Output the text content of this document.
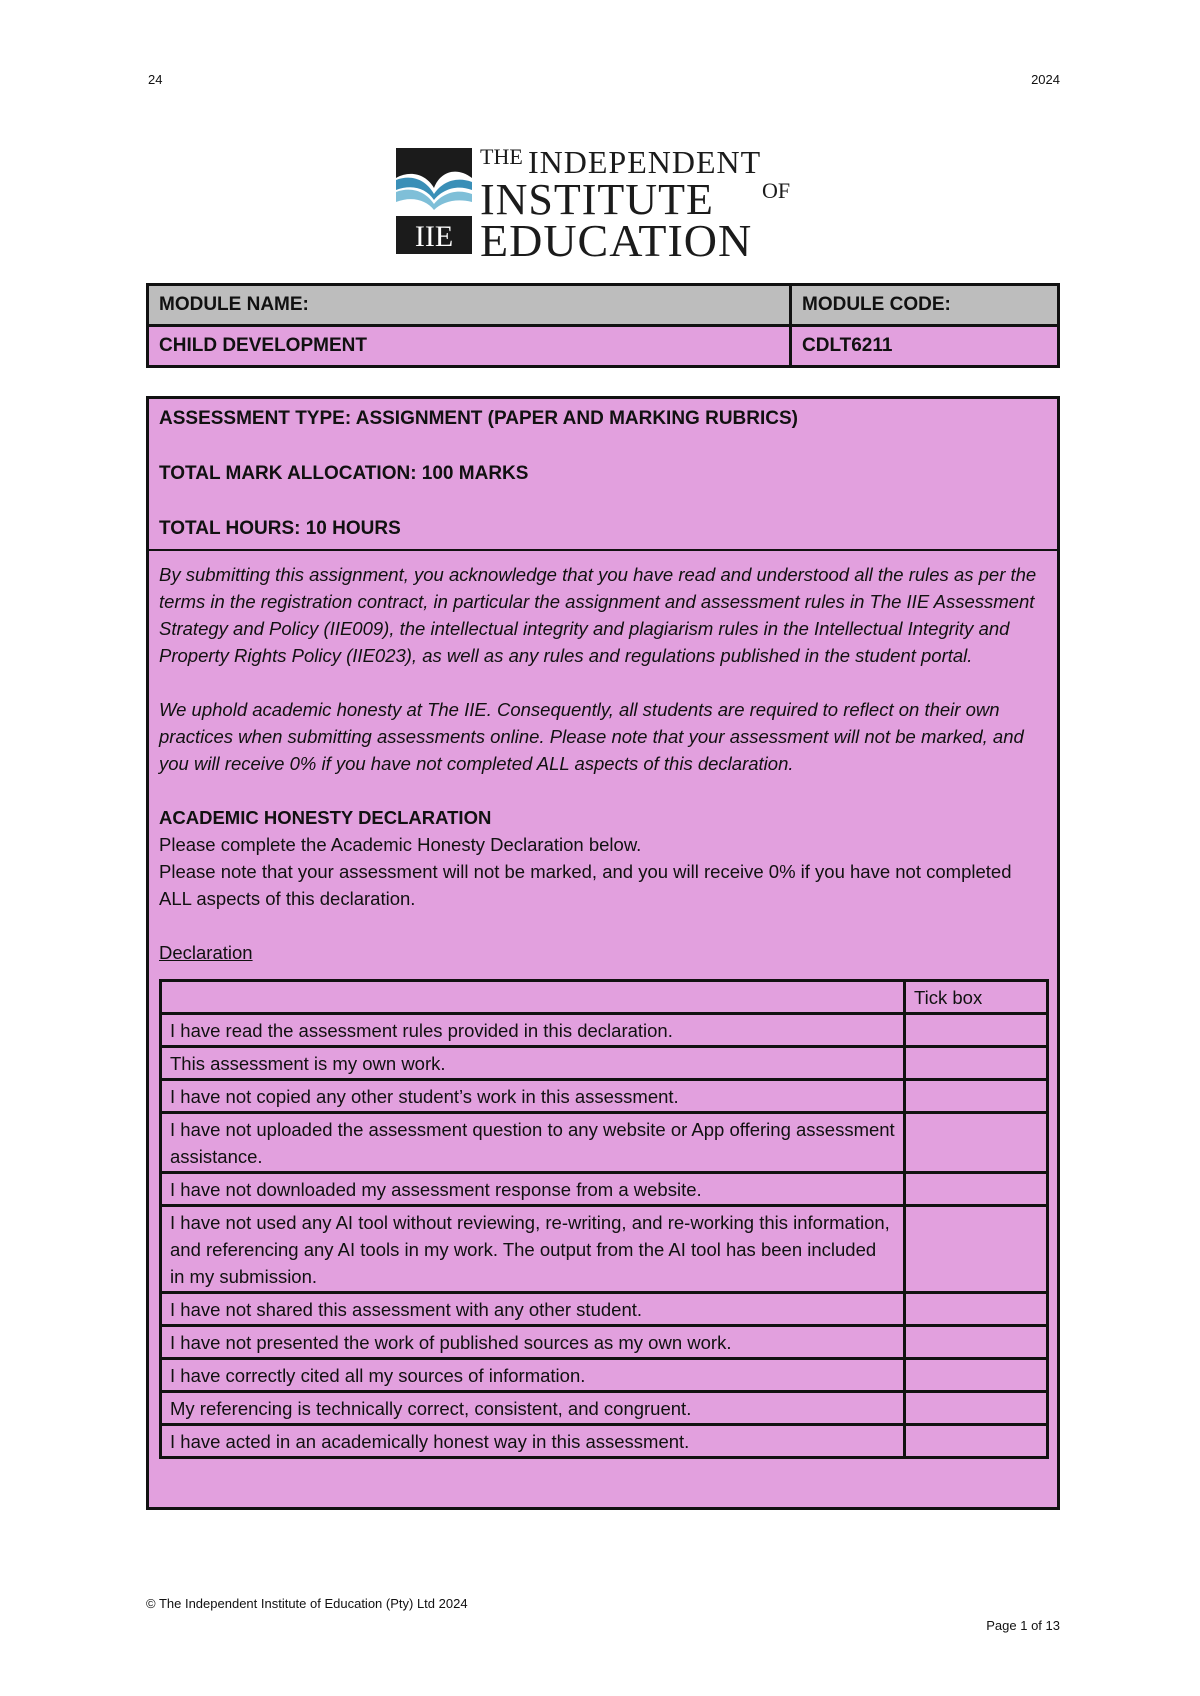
24	2024
IIE
THE INDEPENDENT
INSTITUTE OF
EDUCATION
MODULE NAME:	MODULE CODE:
CHILD DEVELOPMENT	CDLT6211

ASSESSMENT TYPE: ASSIGNMENT (PAPER AND MARKING RUBRICS)

TOTAL MARK ALLOCATION: 100 MARKS

TOTAL HOURS: 10 HOURS

By submitting this assignment, you acknowledge that you have read and understood all the rules as per the terms in the registration contract, in particular the assignment and assessment rules in The IIE Assessment Strategy and Policy (IIE009), the intellectual integrity and plagiarism rules in the Intellectual Integrity and Property Rights Policy (IIE023), as well as any rules and regulations published in the student portal.

We uphold academic honesty at The IIE. Consequently, all students are required to reflect on their own practices when submitting assessments online. Please note that your assessment will not be marked, and you will receive 0% if you have not completed ALL aspects of this declaration.

ACADEMIC HONESTY DECLARATION

Please complete the Academic Honesty Declaration below.

Please note that your assessment will not be marked, and you will receive 0% if you have not completed ALL aspects of this declaration.

Declaration

	Tick box
I have read the assessment rules provided in this declaration.	
This assessment is my own work.	
I have not copied any other student’s work in this assessment.	
I have not uploaded the assessment question to any website or App offering assessment assistance.	
I have not downloaded my assessment response from a website.	
I have not used any AI tool without reviewing, re-writing, and re-working this information, and referencing any AI tools in my work. The output from the AI tool has been included in my submission.	
I have not shared this assessment with any other student.	
I have not presented the work of published sources as my own work.	
I have correctly cited all my sources of information.	
My referencing is technically correct, consistent, and congruent.	
I have acted in an academically honest way in this assessment.	
© The Independent Institute of Education (Pty) Ltd 2024
Page 1 of 13
